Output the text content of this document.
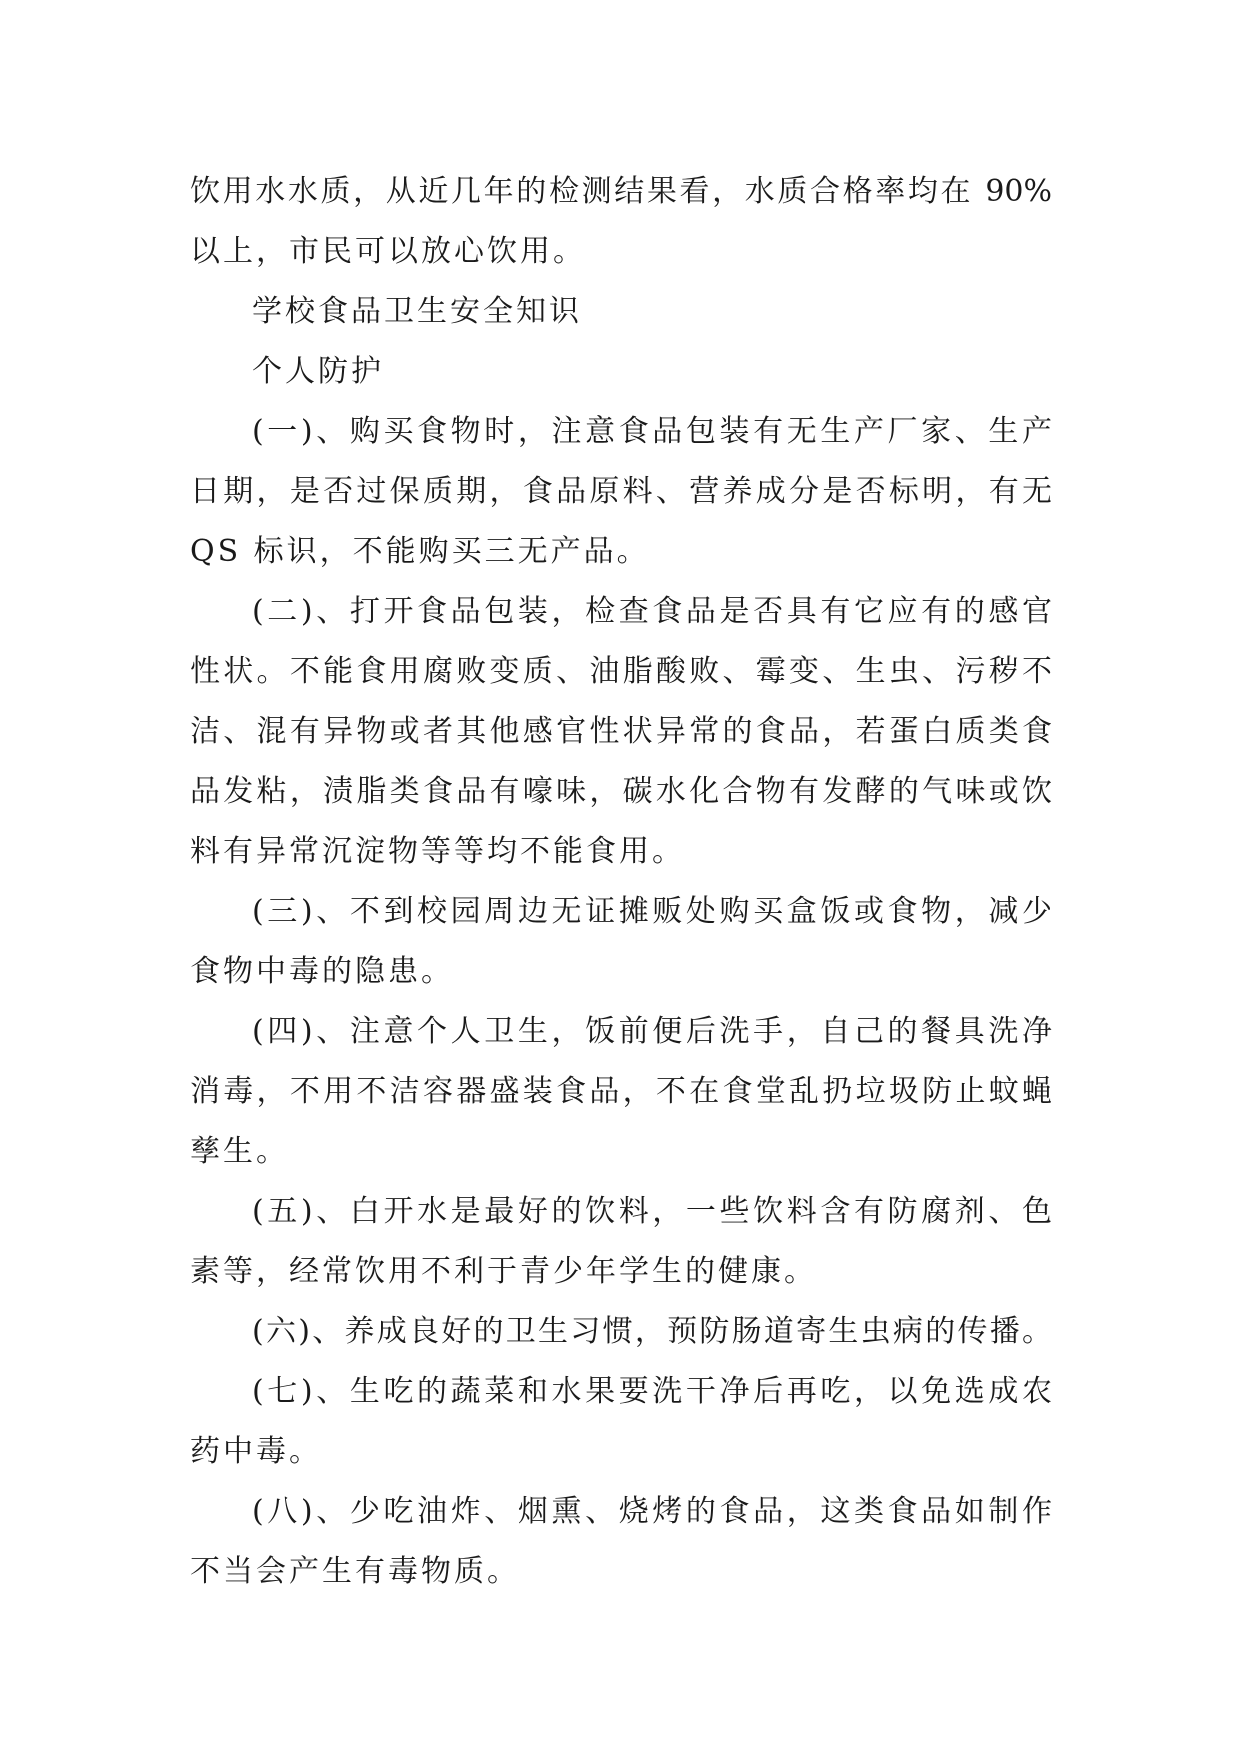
饮用水水质，从近几年的检测结果看，水质合格率均在 90%
以上，市民可以放心饮用。
学校食品卫生安全知识
个人防护
(一)、购买食物时，注意食品包装有无生产厂家、生产
日期，是否过保质期，食品原料、营养成分是否标明，有无
QS 标识，不能购买三无产品。
(二)、打开食品包装，检查食品是否具有它应有的感官
性状。不能食用腐败变质、油脂酸败、霉变、生虫、污秽不
洁、混有异物或者其他感官性状异常的食品，若蛋白质类食
品发粘，渍脂类食品有嚎味，碳水化合物有发酵的气味或饮
料有异常沉淀物等等均不能食用。
(三)、不到校园周边无证摊贩处购买盒饭或食物，减少
食物中毒的隐患。
(四)、注意个人卫生，饭前便后洗手，自己的餐具洗净
消毒，不用不洁容器盛装食品，不在食堂乱扔垃圾防止蚊蝇
孳生。
(五)、白开水是最好的饮料，一些饮料含有防腐剂、色
素等，经常饮用不利于青少年学生的健康。
(六)、养成良好的卫生习惯，预防肠道寄生虫病的传播。
(七)、生吃的蔬菜和水果要洗干净后再吃，以免选成农
药中毒。
(八)、少吃油炸、烟熏、烧烤的食品，这类食品如制作
不当会产生有毒物质。
